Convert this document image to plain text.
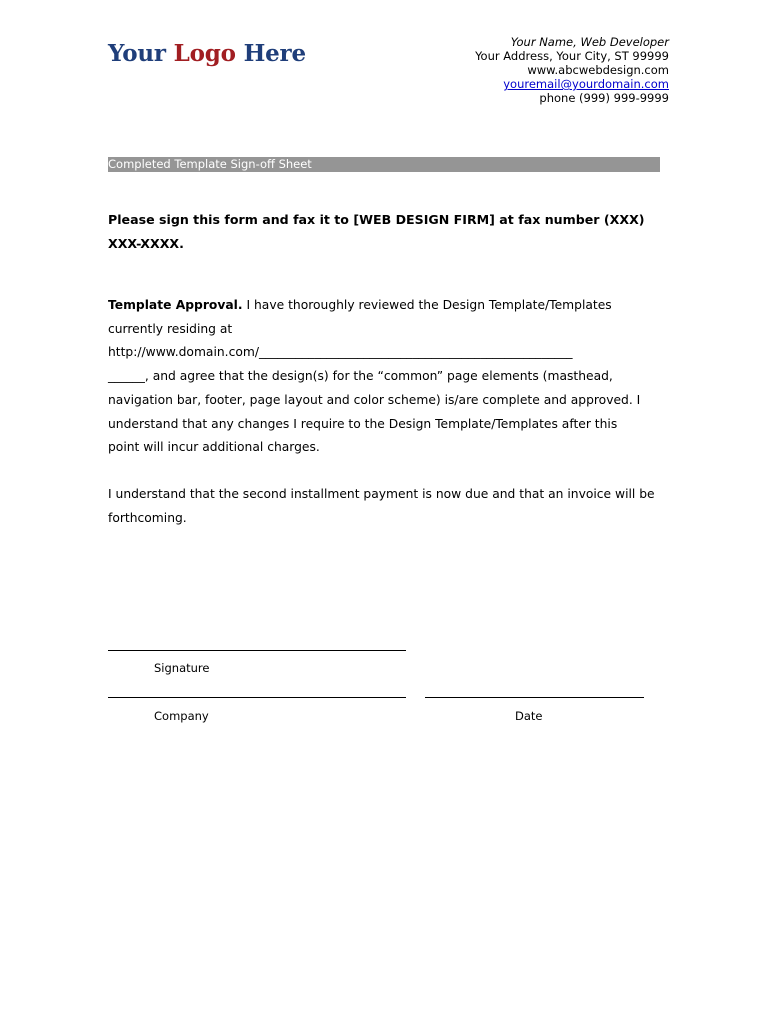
Your Logo Here	Your Name, Web Developer
Your Address, Your City, ST 99999
www.abcwebdesign.com
youremail@yourdomain.com
phone (999) 999-9999
Completed Template Sign-off Sheet
Please sign this form and fax it to [WEB DESIGN FIRM] at fax number (XXX) XXX-XXXX.
Template Approval. I have thoroughly reviewed the Design Template/Templates
currently residing at
http://www.domain.com/___________________________________________________
______, and agree that the design(s) for the “common” page elements (masthead,
navigation bar, footer, page layout and color scheme) is/are complete and approved. I
understand that any changes I require to the Design Template/Templates after this
point will incur additional charges.
I understand that the second installment payment is now due and that an invoice will be forthcoming.
Signature
Company	Date
